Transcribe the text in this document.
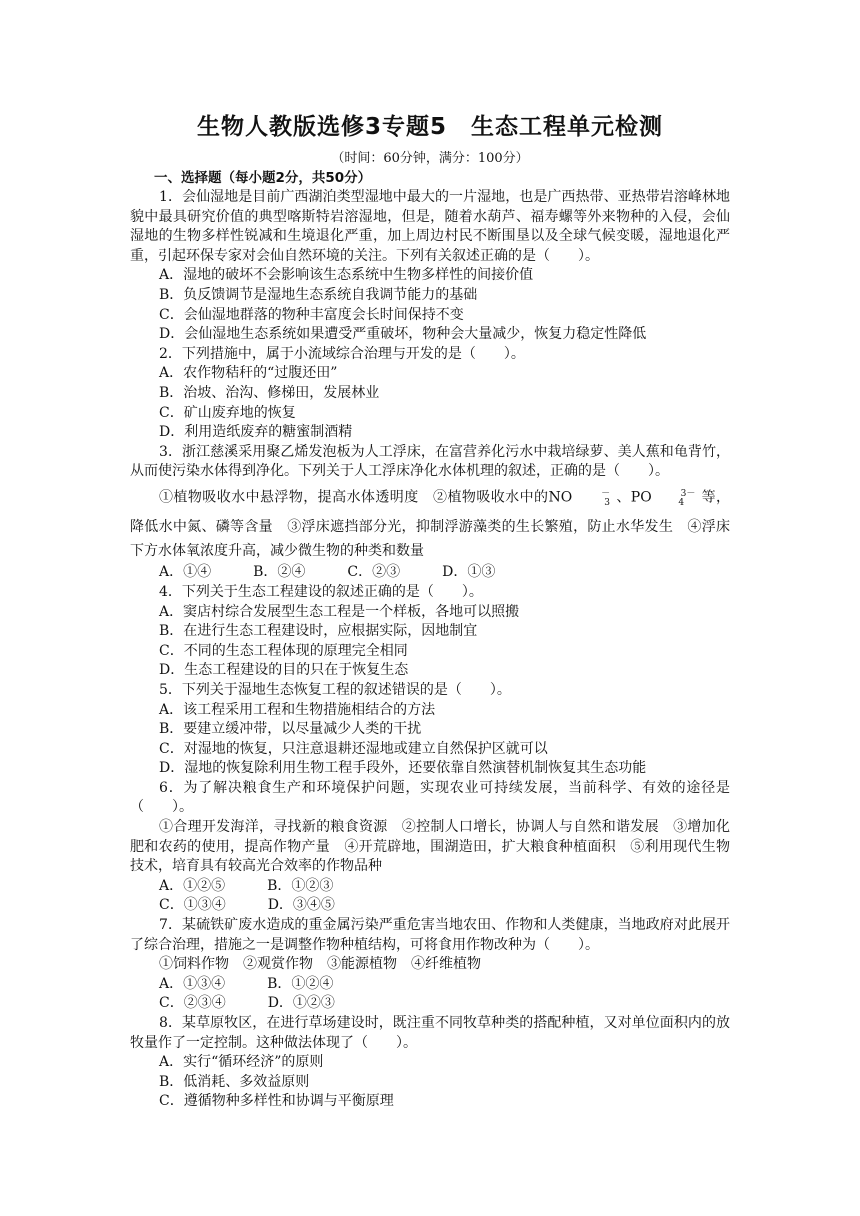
生物人教版选修3专题5　生态工程单元检测

（时间：60分钟，满分：100分）

一、选择题（每小题2分，共50分）

1．会仙湿地是目前广西湖泊类型湿地中最大的一片湿地，也是广西热带、亚热带岩溶峰林地貌中最具研究价值的典型喀斯特岩溶湿地，但是，随着水葫芦、福寿螺等外来物种的入侵，会仙湿地的生物多样性锐减和生境退化严重，加上周边村民不断围垦以及全球气候变暖，湿地退化严重，引起环保专家对会仙自然环境的关注。下列有关叙述正确的是（　　）。

A．湿地的破坏不会影响该生态系统中生物多样性的间接价值

B．负反馈调节是湿地生态系统自我调节能力的基础

C．会仙湿地群落的物种丰富度会长时间保持不变

D．会仙湿地生态系统如果遭受严重破坏，物种会大量减少，恢复力稳定性降低

2．下列措施中，属于小流域综合治理与开发的是（　　）。

A．农作物秸秆的“过腹还田”

B．治坡、治沟、修梯田，发展林业

C．矿山废弃地的恢复

D．利用造纸废弃的糖蜜制酒精

3．浙江慈溪采用聚乙烯发泡板为人工浮床，在富营养化污水中栽培绿萝、美人蕉和龟背竹，从而使污染水体得到净化。下列关于人工浮床净化水体机理的叙述，正确的是（　　）。

①植物吸收水中悬浮物，提高水体透明度　②植物吸收水中的NO	－$_3$ 、PO	$^{3-}_4$ 等，降低水中氮、磷等含量　③浮床遮挡部分光，抑制浮游藻类的生长繁殖，防止水华发生　④浮床下方水体氧浓度升高，减少微生物的种类和数量

A．①④　　　B．②④　　　C．②③　　　D．①③

4．下列关于生态工程建设的叙述正确的是（　　）。

A．窦店村综合发展型生态工程是一个样板，各地可以照搬

B．在进行生态工程建设时，应根据实际，因地制宜

C．不同的生态工程体现的原理完全相同

D．生态工程建设的目的只在于恢复生态

5．下列关于湿地生态恢复工程的叙述错误的是（　　）。

A．该工程采用工程和生物措施相结合的方法

B．要建立缓冲带，以尽量减少人类的干扰

C．对湿地的恢复，只注意退耕还湿地或建立自然保护区就可以

D．湿地的恢复除利用生物工程手段外，还要依靠自然演替机制恢复其生态功能

6．为了解决粮食生产和环境保护问题，实现农业可持续发展，当前科学、有效的途径是（　　）。

①合理开发海洋，寻找新的粮食资源　②控制人口增长，协调人与自然和谐发展　③增加化肥和农药的使用，提高作物产量　④开荒辟地，围湖造田，扩大粮食种植面积　⑤利用现代生物技术，培育具有较高光合效率的作物品种

A．①②⑤　　　B．①②③

C．①③④　　　D．③④⑤

7．某硫铁矿废水造成的重金属污染严重危害当地农田、作物和人类健康，当地政府对此展开了综合治理，措施之一是调整作物种植结构，可将食用作物改种为（　　）。

①饲料作物　②观赏作物　③能源植物　④纤维植物

A．①③④　　　B．①②④

C．②③④　　　D．①②③

8．某草原牧区，在进行草场建设时，既注重不同牧草种类的搭配种植，又对单位面积内的放牧量作了一定控制。这种做法体现了（　　）。

A．实行“循环经济”的原则

B．低消耗、多效益原则

C．遵循物种多样性和协调与平衡原理
